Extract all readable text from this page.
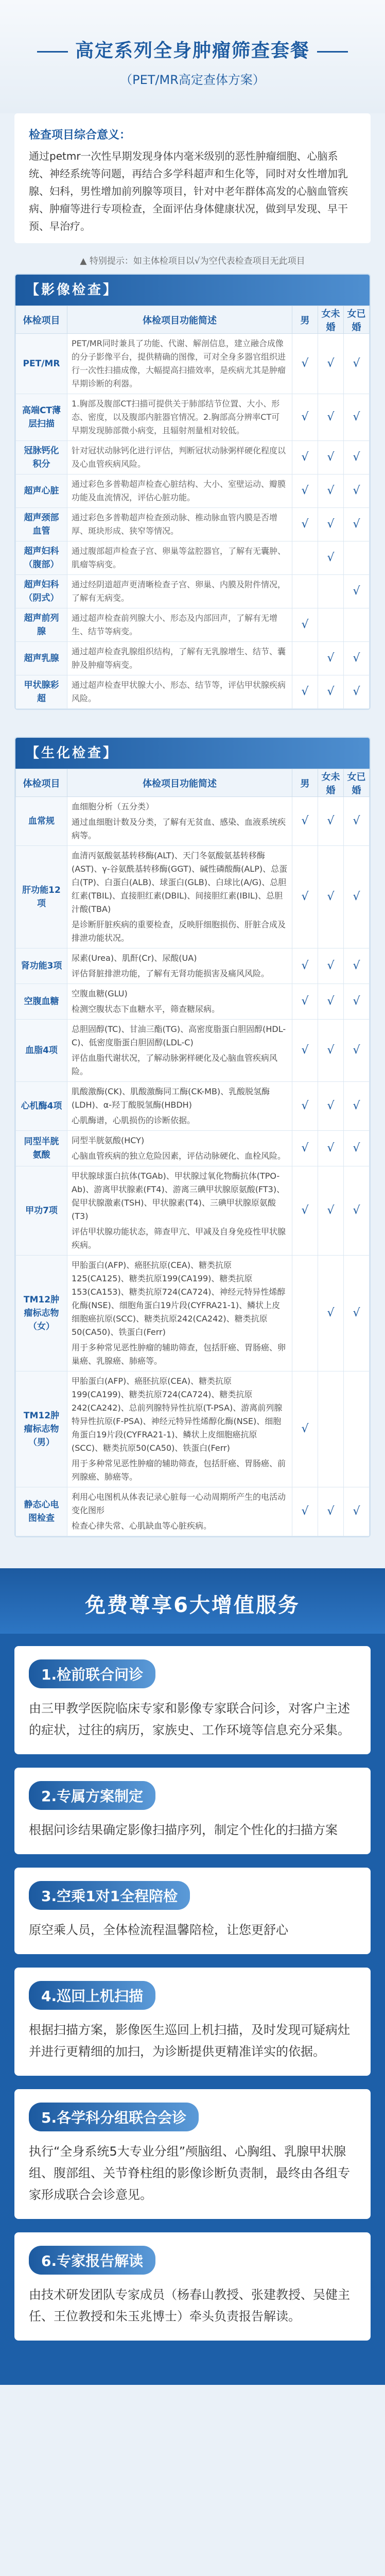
高定系列全身肿瘤筛查套餐
（PET/MR高定查体方案）
检查项目综合意义：

通过petmr一次性早期发现身体内毫米级别的恶性肿瘤细胞、心脑系统、神经系统等问题，再结合多学科超声和生化等，同时对女性增加乳腺、妇科，男性增加前列腺等项目，针对中老年群体高发的心脑血管疾病、肿瘤等进行专项检查，全面评估身体健康状况，做到早发现、早干预、早治疗。

▲ 特别提示：如主体检项目以√为空代表检查项目无此项目
【影像检查】
体检项目	体检项目功能简述	男	女未婚	女已婚
PET/MR	PET/MR同时兼具了功能、代谢、解剖信息，建立融合成像的分子影像平台，提供精确的图像，可对全身多器官组织进行一次性扫描成像，大幅提高扫描效率，是疾病尤其是肿瘤早期诊断的利器。	√	√	√
高端CT薄层扫描	1.胸部及腹部CT扫描可提供关于肺部结节位置、大小、形态、密度，以及腹部内脏器官情况。2.胸部高分辨率CT可早期发现肺部微小病变，且辐射剂量相对较低。	√	√	√
冠脉钙化积分	针对冠状动脉钙化进行评估，判断冠状动脉粥样硬化程度以及心血管疾病风险。	√	√	√
超声心脏	通过彩色多普勒超声检查心脏结构、大小、室壁运动、瓣膜功能及血流情况，评估心脏功能。	√	√	√
超声颈部血管	通过彩色多普勒超声检查颈动脉、椎动脉血管内膜是否增厚、斑块形成、狭窄等情况。	√	√	√
超声妇科（腹部）	通过腹部超声检查子宫、卵巢等盆腔器官，了解有无囊肿、肌瘤等病变。		√	
超声妇科（阴式）	通过经阴道超声更清晰检查子宫、卵巢、内膜及附件情况，了解有无病变。			√
超声前列腺	通过超声检查前列腺大小、形态及内部回声，了解有无增生、结节等病变。	√		
超声乳腺	通过超声检查乳腺组织结构，了解有无乳腺增生、结节、囊肿及肿瘤等病变。		√	√
甲状腺彩超	通过超声检查甲状腺大小、形态、结节等，评估甲状腺疾病风险。	√	√	√
【生化检查】
体检项目	体检项目功能简述	男	女未婚	女已婚
血常规	血细胞分析（五分类）
通过血细胞计数及分类，了解有无贫血、感染、血液系统疾病等。	√	√	√
肝功能12项	血清丙氨酸氨基转移酶(ALT)、天门冬氨酸氨基转移酶(AST)、γ-谷氨酰基转移酶(GGT)、碱性磷酸酶(ALP)、总蛋白(TP)、白蛋白(ALB)、球蛋白(GLB)、白球比(A/G)、总胆红素(TBIL)、直接胆红素(DBIL)、间接胆红素(IBIL)、总胆汁酸(TBA)
是诊断肝脏疾病的重要检查，反映肝细胞损伤、肝脏合成及排泄功能状况。	√	√	√
肾功能3项	尿素(Urea)、肌酐(Cr)、尿酸(UA)
评估肾脏排泄功能，了解有无肾功能损害及痛风风险。	√	√	√
空腹血糖	空腹血糖(GLU)
检测空腹状态下血糖水平，筛查糖尿病。	√	√	√
血脂4项	总胆固醇(TC)、甘油三酯(TG)、高密度脂蛋白胆固醇(HDL-C)、低密度脂蛋白胆固醇(LDL-C)
评估血脂代谢状况，了解动脉粥样硬化及心脑血管疾病风险。	√	√	√
心机酶4项	肌酸激酶(CK)、肌酸激酶同工酶(CK-MB)、乳酸脱氢酶(LDH)、α-羟丁酸脱氢酶(HBDH)
心肌酶谱，心肌损伤的诊断依据。	√	√	√
同型半胱氨酸	同型半胱氨酸(HCY)
心脑血管疾病的独立危险因素，评估动脉硬化、血栓风险。	√	√	√
甲功7项	甲状腺球蛋白抗体(TGAb)、甲状腺过氧化物酶抗体(TPO-Ab)、游离甲状腺素(FT4)、游离三碘甲状腺原氨酸(FT3)、促甲状腺激素(TSH)、甲状腺素(T4)、三碘甲状腺原氨酸(T3)
评估甲状腺功能状态，筛查甲亢、甲减及自身免疫性甲状腺疾病。	√	√	√
TM12肿瘤标志物（女）	甲胎蛋白(AFP)、癌胚抗原(CEA)、糖类抗原125(CA125)、糖类抗原199(CA199)、糖类抗原153(CA153)、糖类抗原724(CA724)、神经元特异性烯醇化酶(NSE)、细胞角蛋白19片段(CYFRA21-1)、鳞状上皮细胞癌抗原(SCC)、糖类抗原242(CA242)、糖类抗原50(CA50)、铁蛋白(Ferr)
用于多种常见恶性肿瘤的辅助筛查，包括肝癌、胃肠癌、卵巢癌、乳腺癌、肺癌等。		√	√
TM12肿瘤标志物（男）	甲胎蛋白(AFP)、癌胚抗原(CEA)、糖类抗原199(CA199)、糖类抗原724(CA724)、糖类抗原242(CA242)、总前列腺特异性抗原(T-PSA)、游离前列腺特异性抗原(F-PSA)、神经元特异性烯醇化酶(NSE)、细胞角蛋白19片段(CYFRA21-1)、鳞状上皮细胞癌抗原(SCC)、糖类抗原50(CA50)、铁蛋白(Ferr)
用于多种常见恶性肿瘤的辅助筛查，包括肝癌、胃肠癌、前列腺癌、肺癌等。	√		
静态心电图检查	利用心电图机从体表记录心脏每一心动周期所产生的电活动变化图形
检查心律失常、心肌缺血等心脏疾病。	√	√	√
免费尊享6大增值服务
1.检前联合问诊
由三甲教学医院临床专家和影像专家联合问诊，对客户主述的症状，过往的病历，家族史、工作环境等信息充分采集。
2.专属方案制定
根据问诊结果确定影像扫描序列，制定个性化的扫描方案
3.空乘1对1全程陪检
原空乘人员，全体检流程温馨陪检，让您更舒心
4.巡回上机扫描
根据扫描方案，影像医生巡回上机扫描，及时发现可疑病灶并进行更精细的加扫，为诊断提供更精准详实的依据。
5.各学科分组联合会诊
执行“全身系统5大专业分组”颅脑组、心胸组、乳腺甲状腺组、腹部组、关节脊柱组的影像诊断负责制，最终由各组专家形成联合会诊意见。
6.专家报告解读
由技术研发团队专家成员（杨春山教授、张建教授、吴健主任、王位教授和朱玉兆博士）牵头负责报告解读。
